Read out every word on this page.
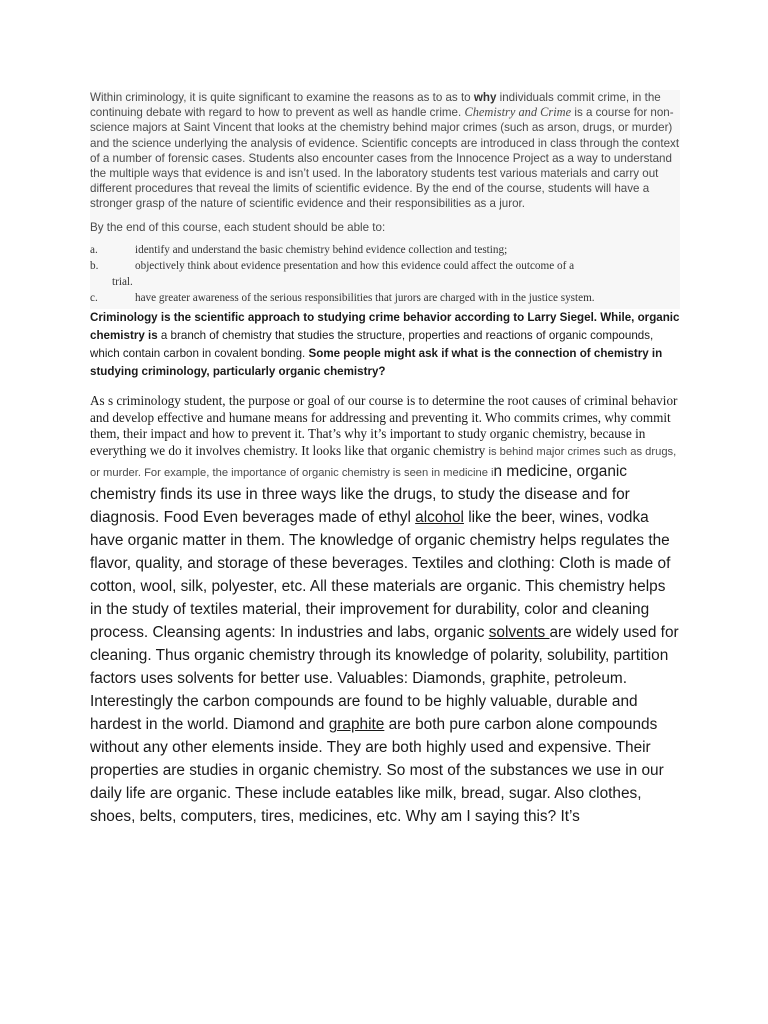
Within criminology, it is quite significant to examine the reasons as to as to why individuals commit crime, in the continuing debate with regard to how to prevent as well as handle crime. Chemistry and Crime is a course for non-science majors at Saint Vincent that looks at the chemistry behind major crimes (such as arson, drugs, or murder) and the science underlying the analysis of evidence. Scientific concepts are introduced in class through the context of a number of forensic cases. Students also encounter cases from the Innocence Project as a way to understand the multiple ways that evidence is and isn’t used. In the laboratory students test various materials and carry out different procedures that reveal the limits of scientific evidence. By the end of the course, students will have a stronger grasp of the nature of scientific evidence and their responsibilities as a juror.

By the end of this course, each student should be able to:

a.	identify and understand the basic chemistry behind evidence collection and testing;
b.	objectively think about evidence presentation and how this evidence could affect the outcome of a
trial.
c.	have greater awareness of the serious responsibilities that jurors are charged with in the justice system.

Criminology is the scientific approach to studying crime behavior according to Larry Siegel. While, organic chemistry is a branch of chemistry that studies the structure, properties and reactions of organic compounds, which contain carbon in covalent bonding. Some people might ask if what is the connection of chemistry in studying criminology, particularly organic chemistry?

As s criminology student, the purpose or goal of our course is to determine the root causes of criminal behavior and develop effective and humane means for addressing and preventing it. Who commits crimes, why commit them, their impact and how to prevent it. That’s why it’s important to study organic chemistry, because in everything we do it involves chemistry. It looks like that organic chemistry is behind major crimes such as drugs, or murder. For example, the importance of organic chemistry is seen in medicine in medicine, organic chemistry finds its use in three ways like the drugs, to study the disease and for diagnosis. Food Even beverages made of ethyl alcohol like the beer, wines, vodka have organic matter in them. The knowledge of organic chemistry helps regulates the flavor, quality, and storage of these beverages. Textiles and clothing: Cloth is made of cotton, wool, silk, polyester, etc. All these materials are organic. This chemistry helps in the study of textiles material, their improvement for durability, color and cleaning process. Cleansing agents: In industries and labs, organic solvents are widely used for cleaning. Thus organic chemistry through its knowledge of polarity, solubility, partition factors uses solvents for better use. Valuables: Diamonds, graphite, petroleum. Interestingly the carbon compounds are found to be highly valuable, durable and hardest in the world. Diamond and graphite are both pure carbon alone compounds without any other elements inside. They are both highly used and expensive. Their properties are studies in organic chemistry. So most of the substances we use in our daily life are organic. These include eatables like milk, bread, sugar. Also clothes, shoes, belts, computers, tires, medicines, etc. Why am I saying this? It’s
